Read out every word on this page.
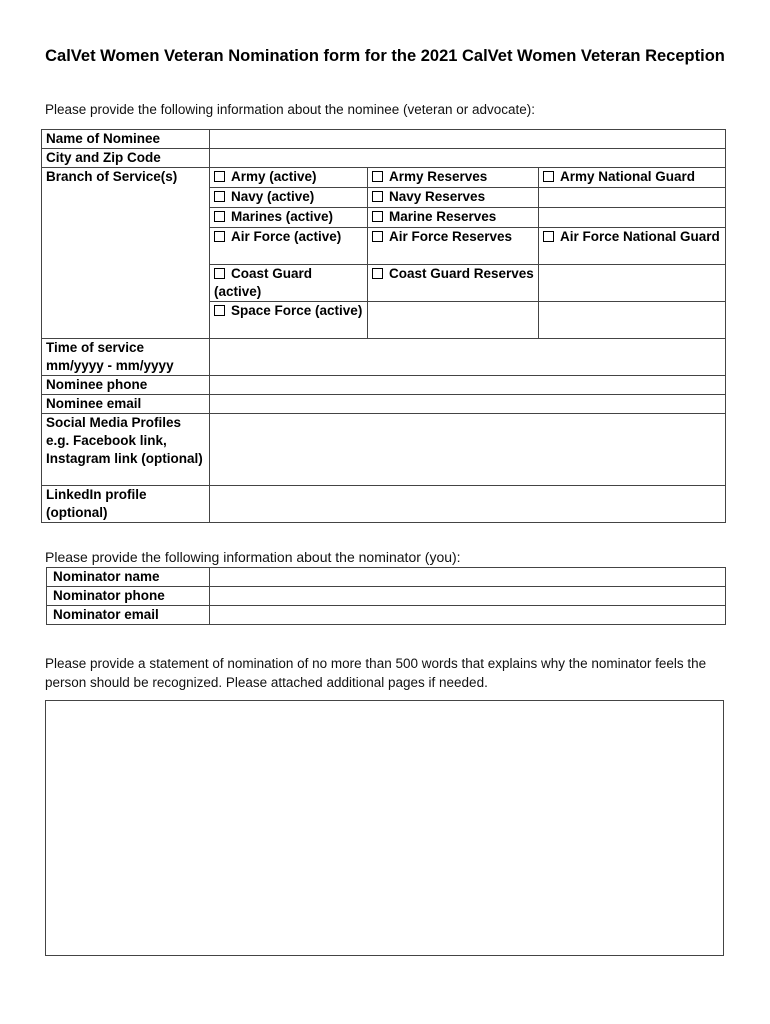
CalVet Women Veteran Nomination form for the 2021 CalVet Women Veteran Reception
Please provide the following information about the nominee (veteran or advocate):
Name of Nominee			
City and Zip Code			
Branch of Service(s)	Army (active)	Army Reserves	Army National Guard
	Navy (active)	Navy Reserves	
	Marines (active)	Marine Reserves	
	Air Force (active)	Air Force Reserves	Air Force National Guard
	Coast Guard (active)	Coast Guard Reserves	
	Space Force (active)		
Time of service mm/yyyy - mm/yyyy			
Nominee phone			
Nominee email			
Social Media Profiles e.g. Facebook link, Instagram link (optional)			
LinkedIn profile (optional)			
Please provide the following information about the nominator (you):
Nominator name	
Nominator phone	
Nominator email	
Please provide a statement of nomination of no more than 500 words that explains why the nominator feels the person should be recognized. Please attached additional pages if needed.
